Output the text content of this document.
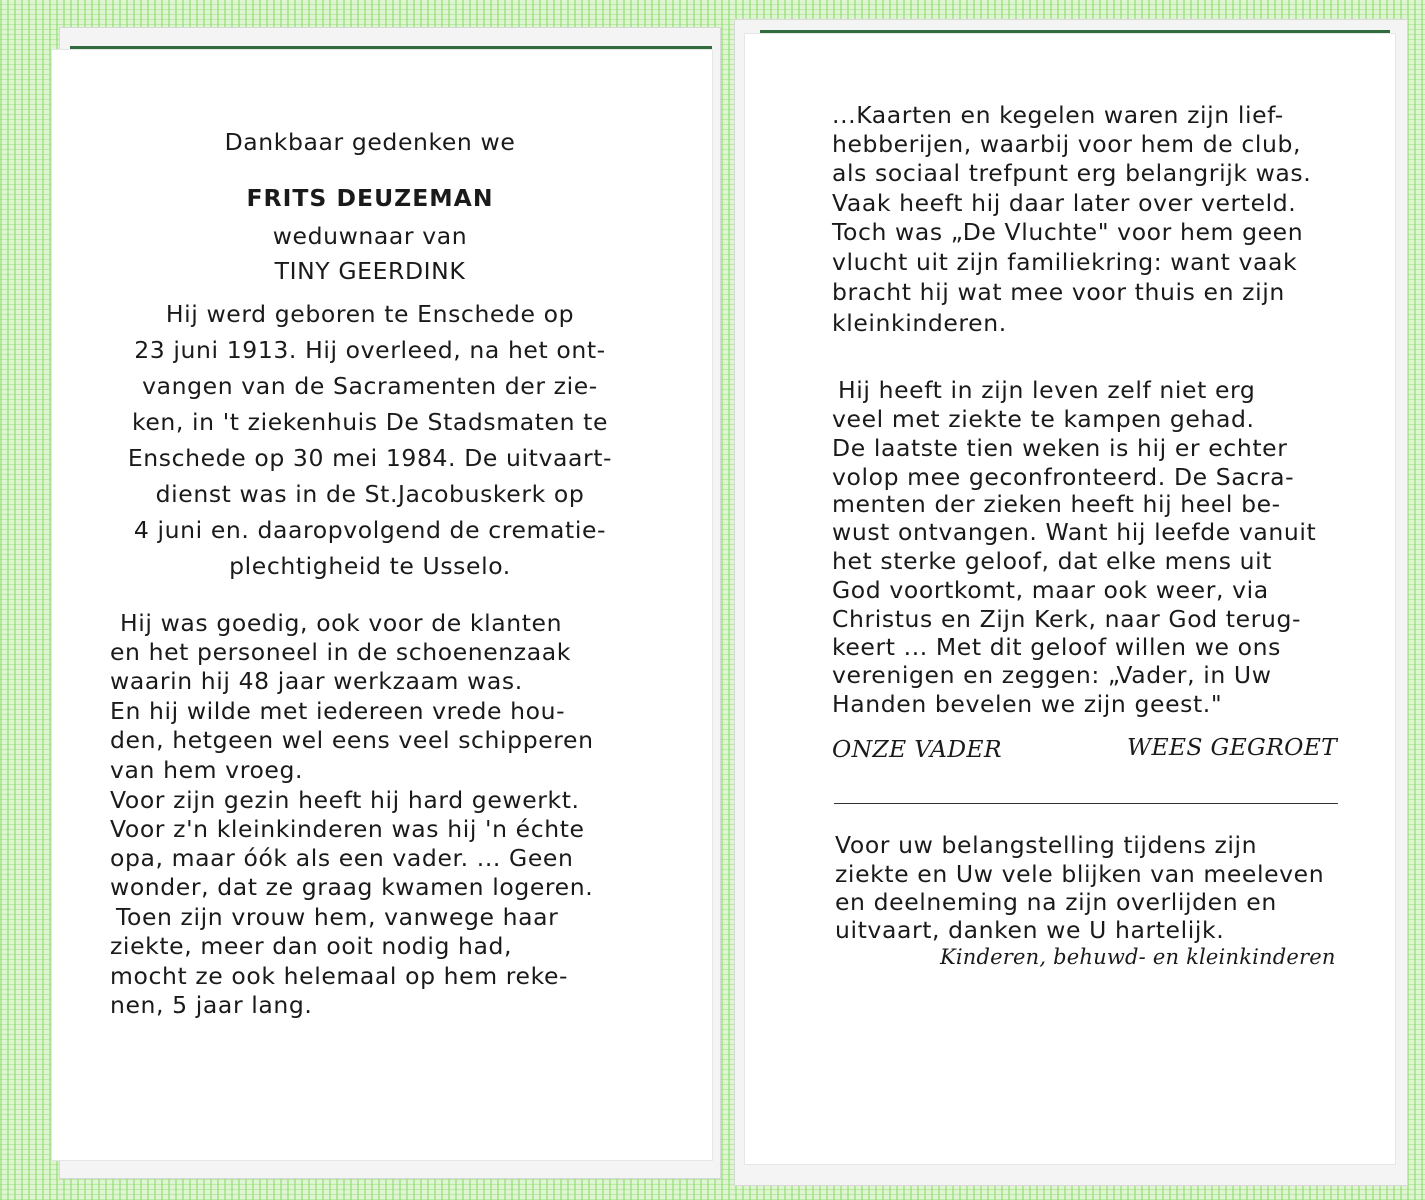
Dankbaar gedenken we
FRITS DEUZEMAN
weduwnaar van
TINY GEERDINK
Hij werd geboren te Enschede op
23 juni 1913. Hij overleed, na het ont-
vangen van de Sacramenten der zie-
ken, in 't ziekenhuis De Stadsmaten te
Enschede op 30 mei 1984. De uitvaart-
dienst was in de St.Jacobuskerk op
4 juni en. daaropvolgend de crematie-
plechtigheid te Usselo.
Hij was goedig, ook voor de klanten
en het personeel in de schoenenzaak
waarin hij 48 jaar werkzaam was.
En hij wilde met iedereen vrede hou-
den, hetgeen wel eens veel schipperen
van hem vroeg.
Voor zijn gezin heeft hij hard gewerkt.
Voor z'n kleinkinderen was hij 'n échte
opa, maar óók als een vader. ... Geen
wonder, dat ze graag kwamen logeren.
Toen zijn vrouw hem, vanwege haar
ziekte, meer dan ooit nodig had,
mocht ze ook helemaal op hem reke-
nen, 5 jaar lang.
...Kaarten en kegelen waren zijn lief-
hebberijen, waarbij voor hem de club,
als sociaal trefpunt erg belangrijk was.
Vaak heeft hij daar later over verteld.
Toch was „De Vluchte" voor hem geen
vlucht uit zijn familiekring: want vaak
bracht hij wat mee voor thuis en zijn
kleinkinderen.
Hij heeft in zijn leven zelf niet erg
veel met ziekte te kampen gehad.
De laatste tien weken is hij er echter
volop mee geconfronteerd. De Sacra-
menten der zieken heeft hij heel be-
wust ontvangen. Want hij leefde vanuit
het sterke geloof, dat elke mens uit
God voortkomt, maar ook weer, via
Christus en Zijn Kerk, naar God terug-
keert ... Met dit geloof willen we ons
verenigen en zeggen: „Vader, in Uw
Handen bevelen we zijn geest."
ONZE VADER	WEES GEGROET
Voor uw belangstelling tijdens zijn
ziekte en Uw vele blijken van meeleven
en deelneming na zijn overlijden en
uitvaart, danken we U hartelijk.
Kinderen, behuwd- en kleinkinderen
